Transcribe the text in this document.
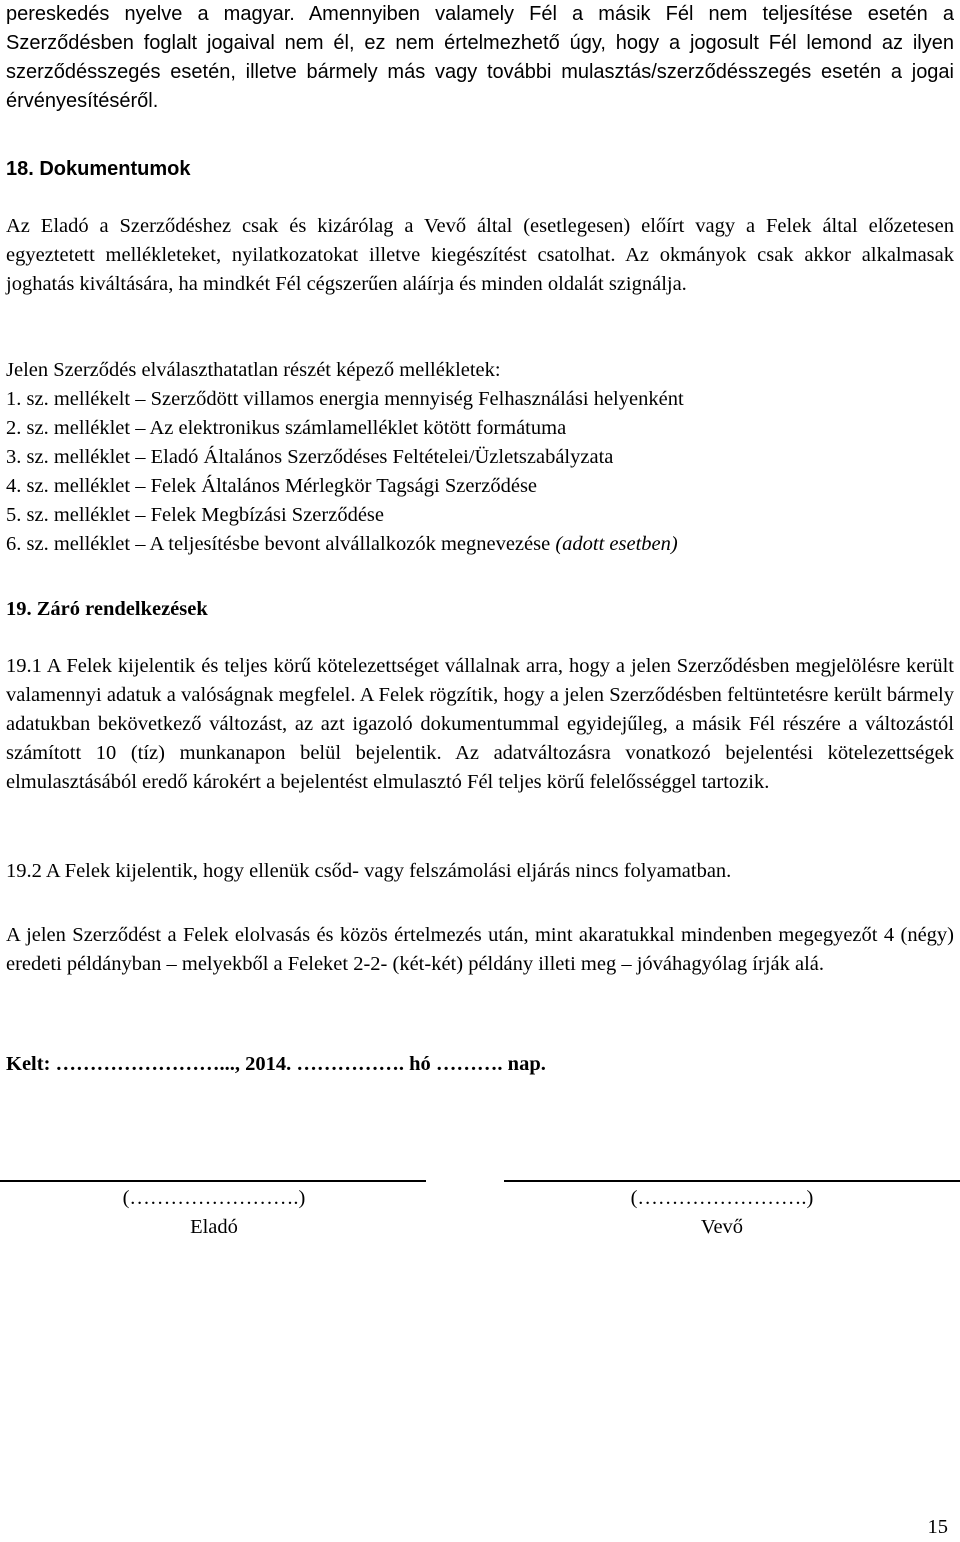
pereskedés nyelve a magyar. Amennyiben valamely Fél a másik Fél nem teljesítése esetén a Szerződésben foglalt jogaival nem él, ez nem értelmezhető úgy, hogy a jogosult Fél lemond az ilyen szerződésszegés esetén, illetve bármely más vagy további mulasztás/szerződésszegés esetén a jogai érvényesítéséről.

18. Dokumentumok

Az Eladó a Szerződéshez csak és kizárólag a Vevő által (esetlegesen) előírt vagy a Felek által előzetesen egyeztetett mellékleteket, nyilatkozatokat illetve kiegészítést csatolhat. Az okmányok csak akkor alkalmasak joghatás kiváltására, ha mindkét Fél cégszerűen aláírja és minden oldalát szignálja.

Jelen Szerződés elválaszthatatlan részét képező mellékletek:

1. sz. mellékelt – Szerződött villamos energia mennyiség Felhasználási helyenként

2. sz. melléklet – Az elektronikus számlamelléklet kötött formátuma

3. sz. melléklet – Eladó Általános Szerződéses Feltételei/Üzletszabályzata

4. sz. melléklet – Felek Általános Mérlegkör Tagsági Szerződése

5. sz. melléklet – Felek Megbízási Szerződése

6. sz. melléklet – A teljesítésbe bevont alvállalkozók megnevezése (adott esetben)

19. Záró rendelkezések

19.1 A Felek kijelentik és teljes körű kötelezettséget vállalnak arra, hogy a jelen Szerződésben megjelölésre került valamennyi adatuk a valóságnak megfelel. A Felek rögzítik, hogy a jelen Szerződésben feltüntetésre került bármely adatukban bekövetkező változást, az azt igazoló dokumentummal egyidejűleg, a másik Fél részére a változástól számított 10 (tíz) munkanapon belül bejelentik. Az adatváltozásra vonatkozó bejelentési kötelezettségek elmulasztásából eredő károkért a bejelentést elmulasztó Fél teljes körű felelősséggel tartozik.

19.2 A Felek kijelentik, hogy ellenük csőd- vagy felszámolási eljárás nincs folyamatban.

A jelen Szerződést a Felek elolvasás és közös értelmezés után, mint akaratukkal mindenben megegyezőt 4 (négy) eredeti példányban – melyekből a Feleket 2-2- (két-két) példány illeti meg – jóváhagyólag írják alá.

Kelt: ……………………..., 2014. ……………. hó ………. nap.

(…………………….)

Eladó

(…………………….)

Vevő

15
